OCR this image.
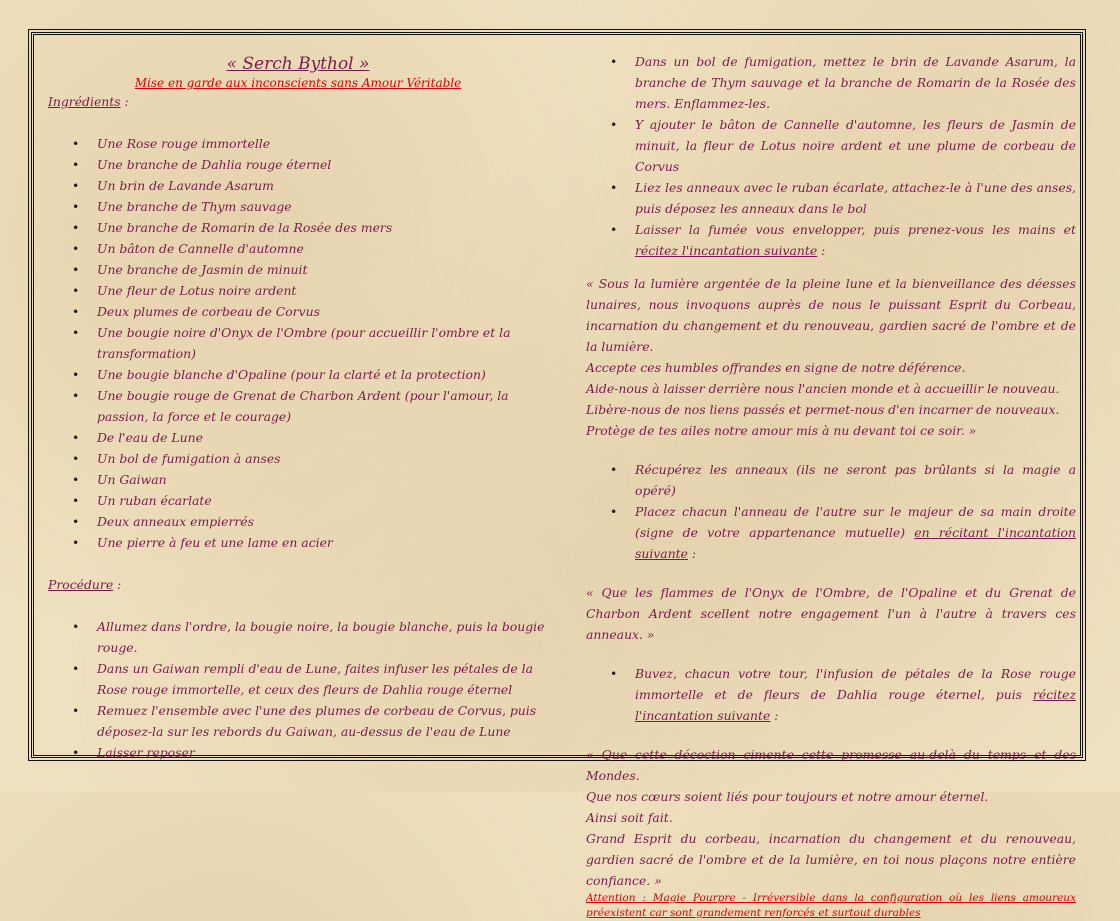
« Serch Bythol »
Mise en garde aux inconscients sans Amour Véritable
Ingrédients :
• Une Rose rouge immortelle
• Une branche de Dahlia rouge éternel
• Un brin de Lavande Asarum
• Une branche de Thym sauvage
• Une branche de Romarin de la Rosée des mers
• Un bâton de Cannelle d'automne
• Une branche de Jasmin de minuit
• Une fleur de Lotus noire ardent
• Deux plumes de corbeau de Corvus
• Une bougie noire d'Onyx de l'Ombre (pour accueillir l'ombre et la transformation)
• Une bougie blanche d'Opaline (pour la clarté et la protection)
• Une bougie rouge de Grenat de Charbon Ardent (pour l'amour, la passion, la force et le courage)
• De l'eau de Lune
• Un bol de fumigation à anses
• Un Gaiwan
• Un ruban écarlate
• Deux anneaux empierrés
• Une pierre à feu et une lame en acier
Procédure :
• Allumez dans l'ordre, la bougie noire, la bougie blanche, puis la bougie rouge.
• Dans un Gaiwan rempli d'eau de Lune, faites infuser les pétales de la Rose rouge immortelle, et ceux des fleurs de Dahlia rouge éternel
• Remuez l'ensemble avec l'une des plumes de corbeau de Corvus, puis déposez-la sur les rebords du Gaiwan, au-dessus de l'eau de Lune
• Laisser reposer
• Dans un bol de fumigation, mettez le brin de Lavande Asarum, la branche de Thym sauvage et la branche de Romarin de la Rosée des mers. Enflammez-les.
• Y ajouter le bâton de Cannelle d'automne, les fleurs de Jasmin de minuit, la fleur de Lotus noire ardent et une plume de corbeau de Corvus
• Liez les anneaux avec le ruban écarlate, attachez-le à l'une des anses, puis déposez les anneaux dans le bol
• Laisser la fumée vous envelopper, puis prenez-vous les mains et récitez l'incantation suivante :
« Sous la lumière argentée de la pleine lune et la bienveillance des déesses lunaires, nous invoquons auprès de nous le puissant Esprit du Corbeau, incarnation du changement et du renouveau, gardien sacré de l'ombre et de la lumière.
Accepte ces humbles offrandes en signe de notre déférence.
Aide-nous à laisser derrière nous l'ancien monde et à accueillir le nouveau.
Libère-nous de nos liens passés et permet-nous d'en incarner de nouveaux.
Protège de tes ailes notre amour mis à nu devant toi ce soir. »
• Récupérez les anneaux (ils ne seront pas brûlants si la magie a opéré)
• Placez chacun l'anneau de l'autre sur le majeur de sa main droite (signe de votre appartenance mutuelle) en récitant l'incantation suivante :
« Que les flammes de l'Onyx de l'Ombre, de l'Opaline et du Grenat de Charbon Ardent scellent notre engagement l'un à l'autre à travers ces anneaux. »
• Buvez, chacun votre tour, l'infusion de pétales de la Rose rouge immortelle et de fleurs de Dahlia rouge éternel, puis récitez l'incantation suivante :
« Que cette décoction cimente cette promesse au-delà du temps et des Mondes.
Que nos cœurs soient liés pour toujours et notre amour éternel.
Ainsi soit fait.
Grand Esprit du corbeau, incarnation du changement et du renouveau, gardien sacré de l'ombre et de la lumière, en toi nous plaçons notre entière confiance. »
Attention : Magie Pourpre - Irréversible dans la configuration où les liens amoureux préexistent car sont grandement renforcés et surtout durables
